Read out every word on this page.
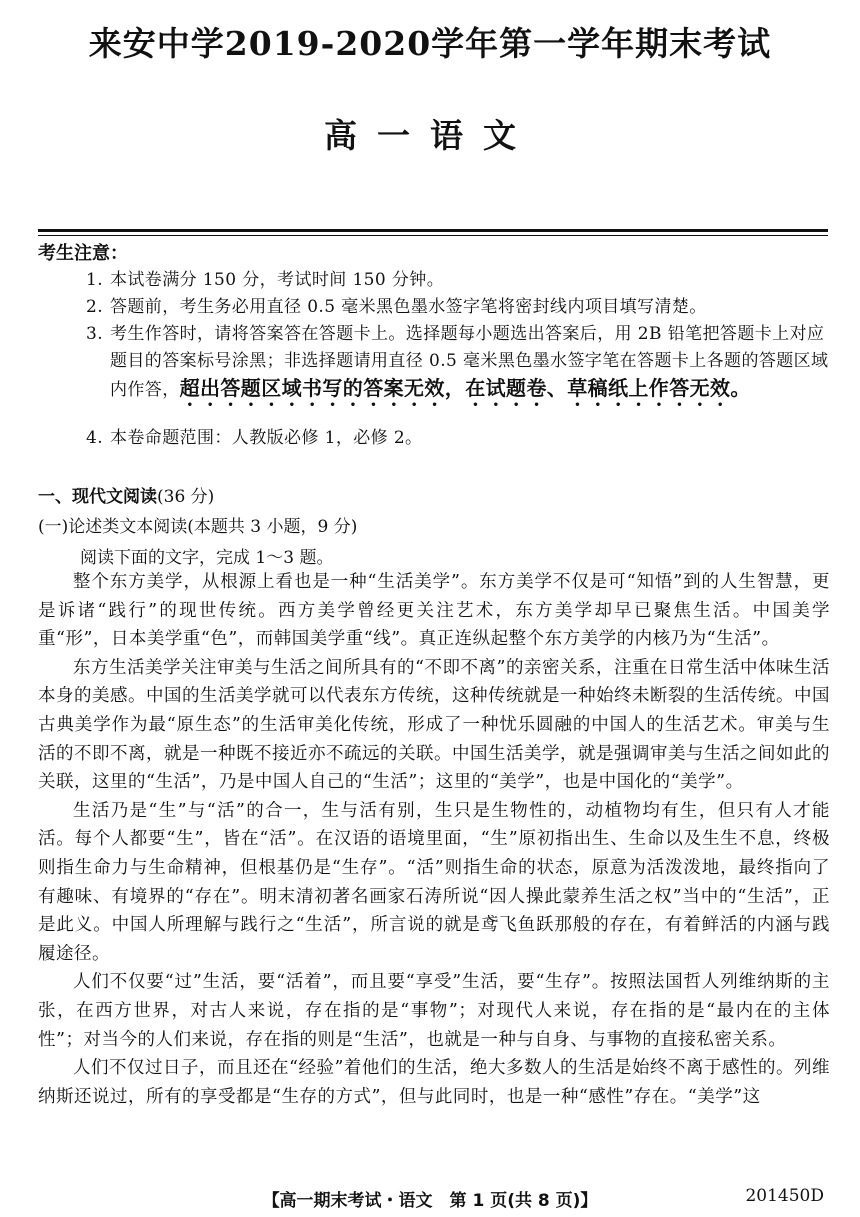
来安中学2019-2020学年第一学年期末考试
高一语文
考生注意：
1. 本试卷满分 150 分，考试时间 150 分钟。
2. 答题前，考生务必用直径 0.5 毫米黑色墨水签字笔将密封线内项目填写清楚。
3. 考生作答时，请将答案答在答题卡上。选择题每小题选出答案后，用 2B 铅笔把答题卡上对应题目的答案标号涂黑；非选择题请用直径 0.5 毫米黑色墨水签字笔在答题卡上各题的答题区域内作答，超出答题区域书写的答案无效，在试题卷、草稿纸上作答无效。
4. 本卷命题范围：人教版必修 1，必修 2。
一、现代文阅读(36 分)
(一)论述类文本阅读(本题共 3 小题，9 分)
阅读下面的文字，完成 1～3 题。

整个东方美学，从根源上看也是一种“生活美学”。东方美学不仅是可“知悟”到的人生智慧，更是诉诸“践行”的现世传统。西方美学曾经更关注艺术，东方美学却早已聚焦生活。中国美学重“形”，日本美学重“色”，而韩国美学重“线”。真正连纵起整个东方美学的内核乃为“生活”。

东方生活美学关注审美与生活之间所具有的“不即不离”的亲密关系，注重在日常生活中体味生活本身的美感。中国的生活美学就可以代表东方传统，这种传统就是一种始终未断裂的生活传统。中国古典美学作为最“原生态”的生活审美化传统，形成了一种忧乐圆融的中国人的生活艺术。审美与生活的不即不离，就是一种既不接近亦不疏远的关联。中国生活美学，就是强调审美与生活之间如此的关联，这里的“生活”，乃是中国人自己的“生活”；这里的“美学”，也是中国化的“美学”。

生活乃是“生”与“活”的合一，生与活有别，生只是生物性的，动植物均有生，但只有人才能活。每个人都要“生”，皆在“活”。在汉语的语境里面，“生”原初指出生、生命以及生生不息，终极则指生命力与生命精神，但根基仍是“生存”。“活”则指生命的状态，原意为活泼泼地，最终指向了有趣味、有境界的“存在”。明末清初著名画家石涛所说“因人操此蒙养生活之权”当中的“生活”，正是此义。中国人所理解与践行之“生活”，所言说的就是鸢飞鱼跃那般的存在，有着鲜活的内涵与践履途径。

人们不仅要“过”生活，要“活着”，而且要“享受”生活，要“生存”。按照法国哲人列维纳斯的主张，在西方世界，对古人来说，存在指的是“事物”；对现代人来说，存在指的是“最内在的主体性”；对当今的人们来说，存在指的则是“生活”，也就是一种与自身、与事物的直接私密关系。

人们不仅过日子，而且还在“经验”着他们的生活，绝大多数人的生活是始终不离于感性的。列维纳斯还说过，所有的享受都是“生存的方式”，但与此同时，也是一种“感性”存在。“美学”这

【高一期末考试・语文　第 1 页(共 8 页)】	201450D
